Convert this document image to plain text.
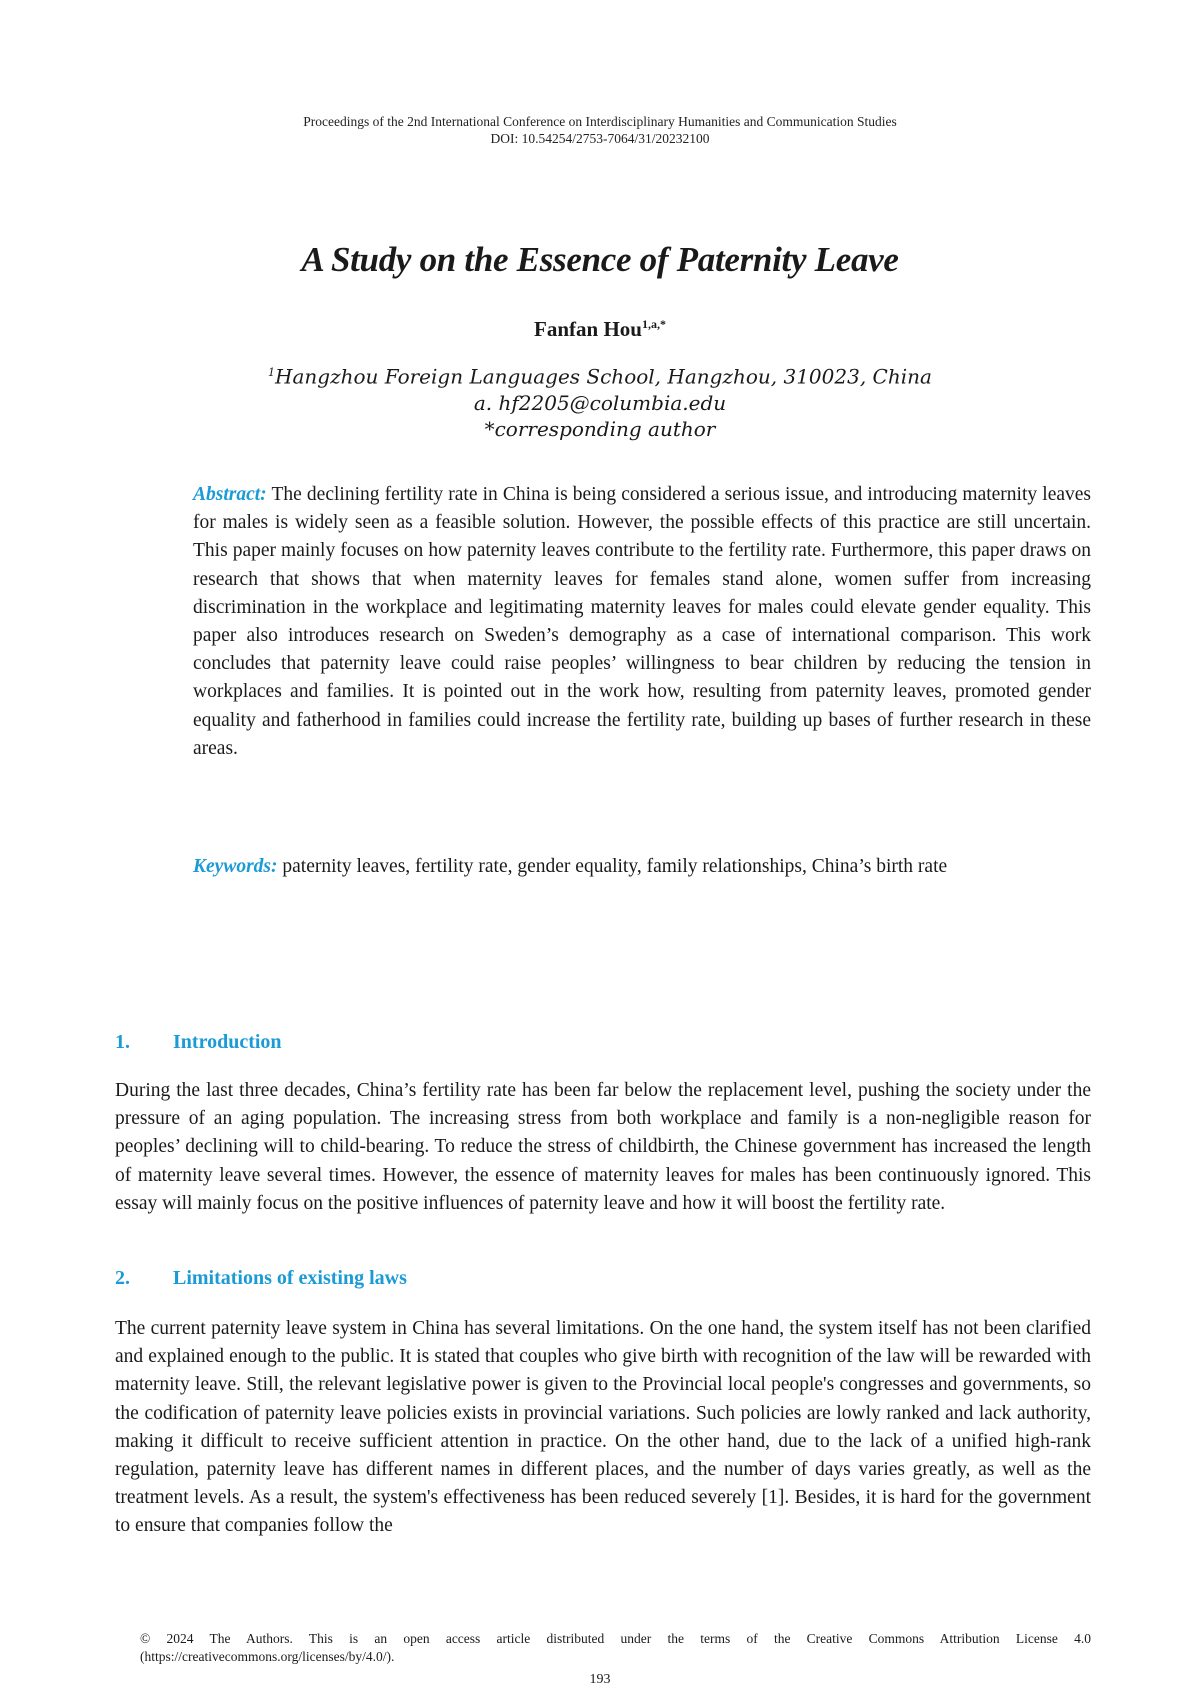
Proceedings of the 2nd International Conference on Interdisciplinary Humanities and Communication Studies
DOI: 10.54254/2753-7064/31/20232100
A Study on the Essence of Paternity Leave
Fanfan Hou$^{1,a,*}$
$^1$Hangzhou Foreign Languages School, Hangzhou, 310023, China
a. hf2205@columbia.edu
*corresponding author
Abstract: The declining fertility rate in China is being considered a serious issue, and introducing maternity leaves for males is widely seen as a feasible solution. However, the possible effects of this practice are still uncertain. This paper mainly focuses on how paternity leaves contribute to the fertility rate. Furthermore, this paper draws on research that shows that when maternity leaves for females stand alone, women suffer from increasing discrimination in the workplace and legitimating maternity leaves for males could elevate gender equality. This paper also introduces research on Sweden’s demography as a case of international comparison. This work concludes that paternity leave could raise peoples’ willingness to bear children by reducing the tension in workplaces and families. It is pointed out in the work how, resulting from paternity leaves, promoted gender equality and fatherhood in families could increase the fertility rate, building up bases of further research in these areas.
Keywords: paternity leaves, fertility rate, gender equality, family relationships, China’s birth rate
1. Introduction
During the last three decades, China’s fertility rate has been far below the replacement level, pushing the society under the pressure of an aging population. The increasing stress from both workplace and family is a non-negligible reason for peoples’ declining will to child-bearing. To reduce the stress of childbirth, the Chinese government has increased the length of maternity leave several times. However, the essence of maternity leaves for males has been continuously ignored. This essay will mainly focus on the positive influences of paternity leave and how it will boost the fertility rate.
2. Limitations of existing laws
The current paternity leave system in China has several limitations. On the one hand, the system itself has not been clarified and explained enough to the public. It is stated that couples who give birth with recognition of the law will be rewarded with maternity leave. Still, the relevant legislative power is given to the Provincial local people's congresses and governments, so the codification of paternity leave policies exists in provincial variations. Such policies are lowly ranked and lack authority, making it difficult to receive sufficient attention in practice. On the other hand, due to the lack of a unified high-rank regulation, paternity leave has different names in different places, and the number of days varies greatly, as well as the treatment levels. As a result, the system's effectiveness has been reduced severely [1]. Besides, it is hard for the government to ensure that companies follow the
© 2024 The Authors. This is an open access article distributed under the terms of the Creative Commons Attribution License 4.0 (https://creativecommons.org/licenses/by/4.0/).
193
